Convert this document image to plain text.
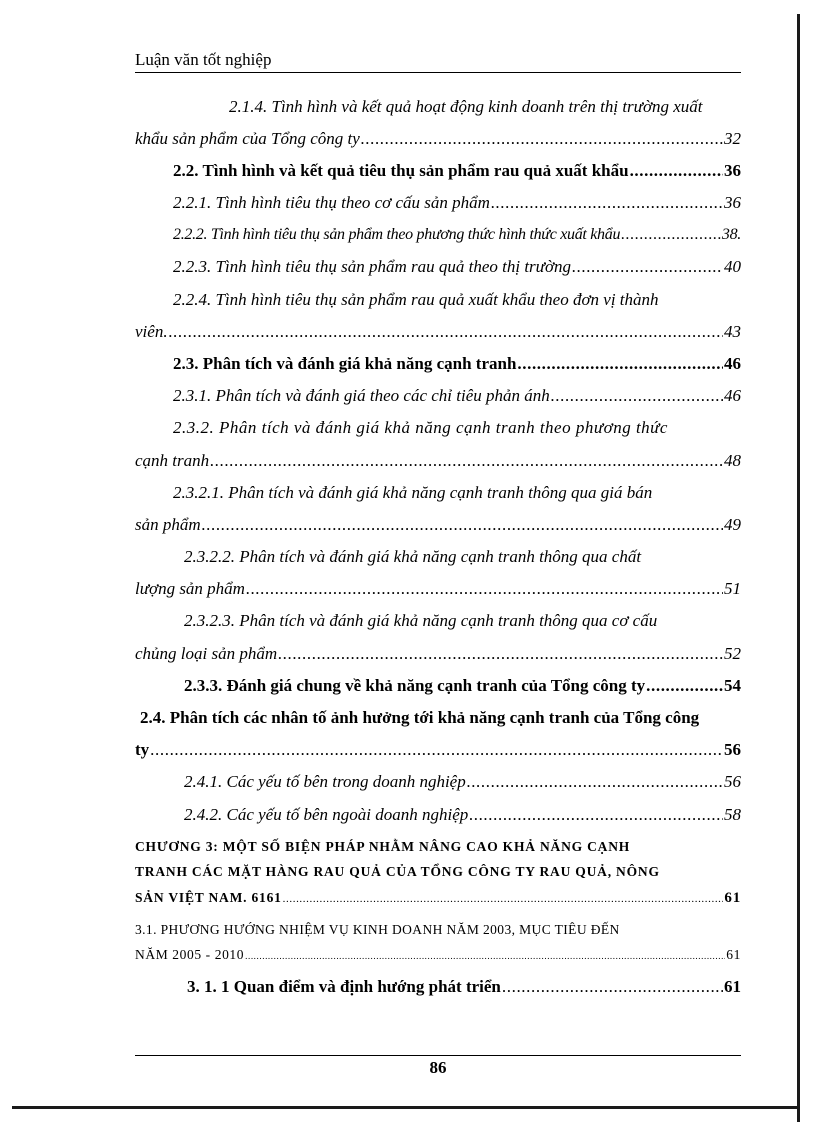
Luận văn tốt nghiệp
2.1.4. Tình hình và kết quả hoạt động kinh doanh trên thị trường xuất
khẩu sản phẩm của Tổng công ty .....	32
2.2. Tình hình và kết quả tiêu thụ sản phẩm rau quả xuất khẩu .....	36
2.2.1. Tình hình tiêu thụ theo cơ cấu sản phẩm .....	36
2.2.2. Tình hình tiêu thụ sản phẩm theo phương thức hình thức xuất khẩu .....	38.
2.2.3. Tình hình tiêu thụ sản phẩm rau quả theo thị trường .....	40
2.2.4. Tình hình tiêu thụ sản phẩm rau quả xuất khẩu theo đơn vị thành
viên. .....	43
2.3. Phân tích và đánh giá khả năng cạnh tranh .....	46
2.3.1. Phân tích và đánh giá theo các chỉ tiêu phản ánh .....	46
2.3.2. Phân tích và đánh giá khả năng cạnh tranh theo phương thức
cạnh tranh .....	48
2.3.2.1. Phân tích và đánh giá khả năng cạnh tranh thông qua giá bán
sản phẩm .....	49
2.3.2.2. Phân tích và đánh giá khả năng cạnh tranh thông qua chất
lượng sản phẩm .....	51
2.3.2.3. Phân tích và đánh giá khả năng cạnh tranh thông qua cơ cấu
chủng loại sản phẩm .....	52
2.3.3. Đánh giá chung về khả năng cạnh tranh của Tổng công ty .....	54
2.4. Phân tích các nhân tố ảnh hưởng tới khả năng cạnh tranh của Tổng công
ty .....	56
2.4.1. Các yếu tố bên trong doanh nghiệp .....	56
2.4.2. Các yếu tố bên ngoài doanh nghiệp .....	58
CHƯƠNG 3: MỘT SỐ BIỆN PHÁP NHẰM NÂNG CAO KHẢ NĂNG CẠNH
TRANH CÁC MẶT HÀNG RAU QUẢ CỦA TỔNG CÔNG TY RAU QUẢ, NÔNG
SẢN VIỆT NAM. 6161 .....	61
3.1. PHƯƠNG HƯỚNG NHIỆM VỤ KINH DOANH NĂM 2003, MỤC TIÊU ĐẾN
NĂM 2005 - 2010 .....	61
3. 1. 1 Quan điểm và định hướng phát triển .....	61
86
